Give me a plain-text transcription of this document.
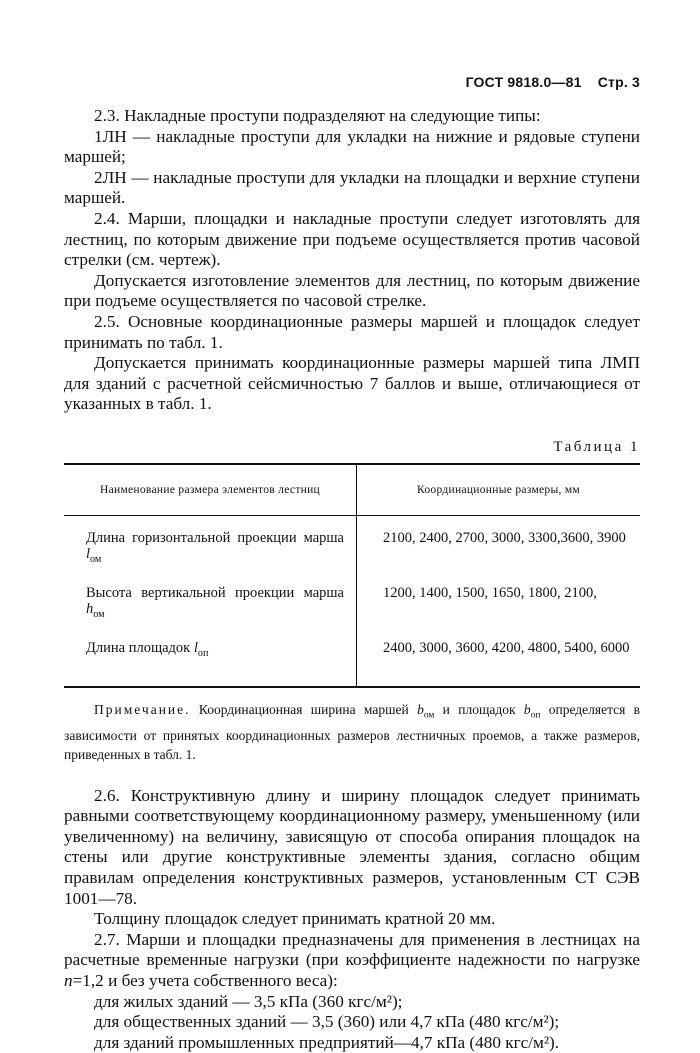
ГОСТ 9818.0—81 Стр. 3

2.3. Накладные проступи подразделяют на следующие типы:

1ЛН — накладные проступи для укладки на нижние и рядовые ступени маршей;

2ЛН — накладные проступи для укладки на площадки и верхние ступени маршей.

2.4. Марши, площадки и накладные проступи следует изготовлять для лестниц, по которым движение при подъеме осуществляется против часовой стрелки (см. чертеж).

Допускается изготовление элементов для лестниц, по которым движение при подъеме осуществляется по часовой стрелке.

2.5. Основные координационные размеры маршей и площадок следует принимать по табл. 1.

Допускается принимать координационные размеры маршей типа ЛМП для зданий с расчетной сейсмичностью 7 баллов и выше, отличающиеся от указанных в табл. 1.

Таблица 1
Наименование размера элементов лестниц	Координационные размеры, мм
Длина горизонтальной проекции марша $l_{ом}$	2100, 2400, 2700, 3000, 3300,3600, 3900
Высота вертикальной проекции марша $h_{ом}$	1200, 1400, 1500, 1650, 1800, 2100,
Длина площадок $l_{оп}$	2400, 3000, 3600, 4200, 4800, 5400, 6000

Примечание. Координационная ширина маршей $b_{ом}$ и площадок $b_{оп}$ определяется в зависимости от принятых координационных размеров лестничных проемов, а также размеров, приведенных в табл. 1.

2.6. Конструктивную длину и ширину площадок следует принимать равными соответствующему координационному размеру, уменьшенному (или увеличенному) на величину, зависящую от способа опирания площадок на стены или другие конструктивные элементы здания, согласно общим правилам определения конструктивных размеров, установленным СТ СЭВ 1001—78.

Толщину площадок следует принимать кратной 20 мм.

2.7. Марши и площадки предназначены для применения в лестницах на расчетные временные нагрузки (при коэффициенте надежности по нагрузке n=1,2 и без учета собственного веса):

для жилых зданий — 3,5 кПа (360 кгс/м²);

для общественных зданий — 3,5 (360) или 4,7 кПа (480 кгс/м²);

для зданий промышленных предприятий—4,7 кПа (480 кгс/м²).
